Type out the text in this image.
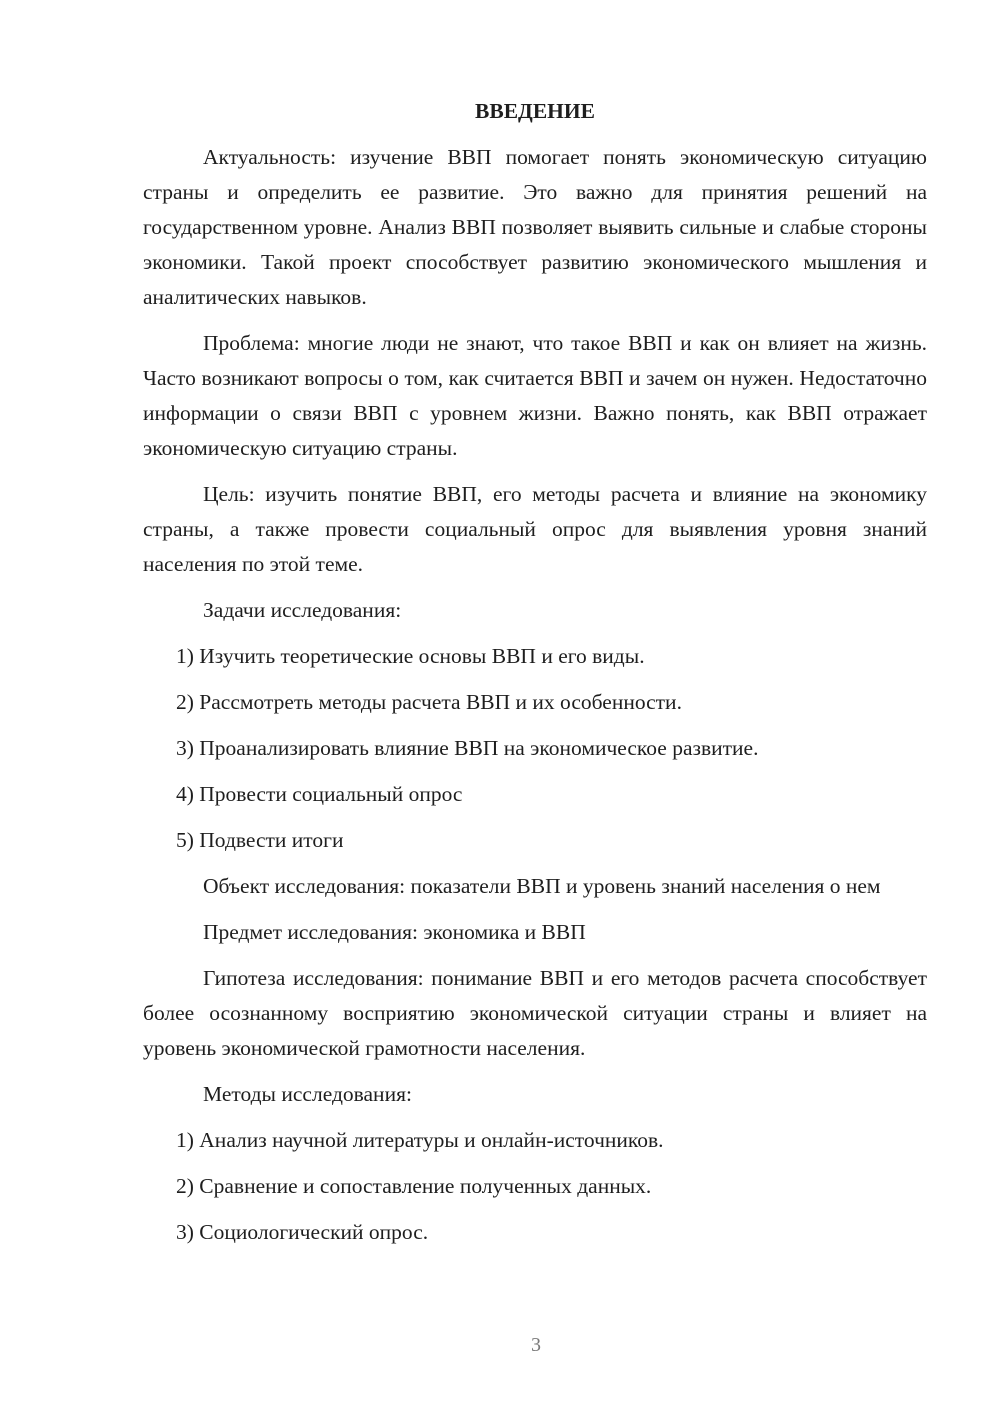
ВВЕДЕНИЕ

Актуальность: изучение ВВП помогает понять экономическую ситуацию страны и определить ее развитие. Это важно для принятия решений на государственном уровне. Анализ ВВП позволяет выявить сильные и слабые стороны экономики. Такой проект способствует развитию экономического мышления и аналитических навыков.

Проблема: многие люди не знают, что такое ВВП и как он влияет на жизнь. Часто возникают вопросы о том, как считается ВВП и зачем он нужен. Недостаточно информации о связи ВВП с уровнем жизни. Важно понять, как ВВП отражает экономическую ситуацию страны.

Цель: изучить понятие ВВП, его методы расчета и влияние на экономику страны, а также провести социальный опрос для выявления уровня знаний населения по этой теме.

Задачи исследования:

1) Изучить теоретические основы ВВП и его виды.
2) Рассмотреть методы расчета ВВП и их особенности.
3) Проанализировать влияние ВВП на экономическое развитие.
4) Провести социальный опрос
5) Подвести итоги

Объект исследования: показатели ВВП и уровень знаний населения о нем

Предмет исследования: экономика и ВВП

Гипотеза исследования: понимание ВВП и его методов расчета способствует более осознанному восприятию экономической ситуации страны и влияет на уровень экономической грамотности населения.

Методы исследования:

1) Анализ научной литературы и онлайн-источников.
2) Сравнение и сопоставление полученных данных.
3) Социологический опрос.
3
